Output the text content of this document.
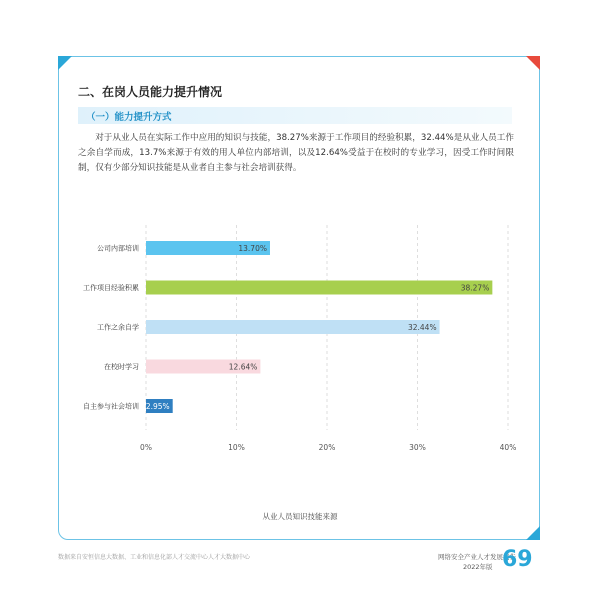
二、在岗人员能力提升情况
（一）能力提升方式

对于从业人员在实际工作中应用的知识与技能，38.27%来源于工作项目的经验积累，32.44%是从业人员工作之余自学而成，13.7%来源于有效的用人单位内部培训，以及12.64%受益于在校时的专业学习，因受工作时间限制，仅有少部分知识技能是从业者自主参与社会培训获得。

公司内部培训	13.70%
工作项目经验积累	38.27%
工作之余自学	32.44%
在校时学习	12.64%
自主参与社会培训 2.95%
0%	10%	20%	30%	40%
从业人员知识技能来源
数据来自安恒信息大数据、工业和信息化部人才交流中心人才大数据中心	网络安全产业人才发展报告
2022年版 69
